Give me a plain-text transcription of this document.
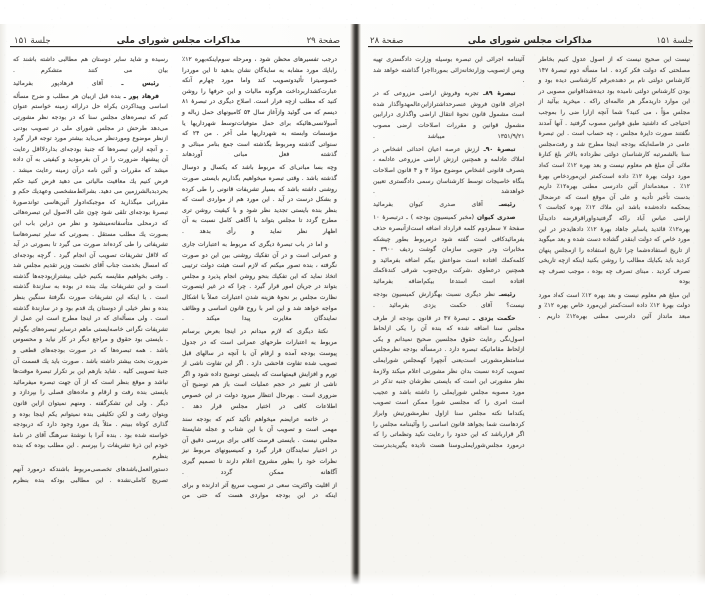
صفحة ۲۹
مذاکرات مجلس شورای ملی
جلسة ۱۵۱

درجب تفسیرهای محظن شود ، ومرحله سوم‌اینکه‌بهره ۱۲٪ رابایك مورد مشابه به سایهٔ‌گان نشان بدهید تا این موردرا خصوصیترا تأئیدوتصویب کند واما مورد چهارم آنکه عبارت‌کشداربرداخت هرگونه مالیات و این حرفها را روشن کنید که مطلب ازچه فرار است. اصلاح دیگری در تبصرهٔ ۸۱ دیسم که می گوئید وازآغاز سال ۵۴ کامیونهای حمل زباله و آمبولانسی‌هائیکه برای حمل متوفیات‌توسط شهرداریها یا مؤسسات وابسته به شهرداریها ملی آخر . من ۲۴ که سنواتی گذشته ومربوط بگذشته است جمع بنامر مبنائی و گذشته فعل مبانی آوردهاند

وچه بسا مبانی‌ای که مربوط باشد که یكسال و دوسال گذشته باشد . وقتی تبصره میخواهیم بگذاریم بایستی صورت روشنی داشته باشد که بسیار تشریفات قانونی را طی کرده و بشکل درست در آید . این مورد هم از مواردی است که بنظر بنده بایستی تجدید نظر شود و با کیفیت روشن تری مطرح گردد تا مجلس بتواند با آگاهی کامل نسبت به آن اظهار نظر نماید و رأی بدهد .

و اما در باب تبصرهٔ دیگری که مربوط به اعتبارات جاری و عمرانی است و در آن تفکیك روشنی بین این دو صورت نگرفته ، بنده تصور میکنم که لازم است هیئت دولت ترتیبی اتخاذ نماید که این تفکیك بنحو روشن انجام پذیرد و مجلس بتواند در جریان امور قرار گیرد . چرا که در غیر اینصورت نظارت مجلس بر نحوهٔ هزینه شدن اعتبارات عملاً با اشکال مواجه خواهد شد و این امر با روح قانون اساسی و وظائف نمایندگان مغایرت پیدا میکند .

نکتهٔ دیگری که لازم میدانم در اینجا بعرض برسانم مربوط به اعتبارات طرحهای عمرانی است که در جدول پیوست بودجه آمده و ارقام آن با آنچه در سالهای قبل تصویب شده تفاوت فاحشی دارد . اگر این تفاوت ناشی از تورم و افزایش قیمتهاست که بایستی توضیح داده شود و اگر ناشی از تغییر در حجم عملیات است باز هم توضیح آن ضروری است . بهرحال انتظار میرود دولت در این خصوص اطلاعات کافی در اختیار مجلس قرار دهد .

در خاتمه عرایضم میخواهم تأکید کنم که بودجه سند مهمی است و تصویب آن با این شتاب و عجله شایستهٔ مجلس نیست . بایستی فرصت کافی برای بررسی دقیق آن در اختیار نمایندگان قرار گیرد و کمیسیونهای مربوط نیز نظرات خود را بطور مشروح اعلام دارند تا تصمیم گیری آگاهانه ممکن گردد .

از اقلیت واکثریت سعی در تصویب سریع آثر ادارنده و برای اینکه در این بودجه مواردی هست که حتی من

رسیده و شاید سایر دوستان هم مطالبی داشته باشند که بیان می کنند متشکرم .

رئیس ـ آقای فرهادپور بفرمائید

فرهاد پور ـ بنده قبل ازبیان هر مطلب و ضرح مسأله اساسی وپیداکردن یکراه حل درارائه زمینه خواستم عنوان کنم که تبصره‌های مجلس سنا که در بودجه نظر مشورتی می‌دهد طرحش در مجلس شورای ملی در تصویب بودنی ازنظر موضوع وموردنظر می‌باید بیشتر مورد توجه قرار گیرد . و آنچه ازاین تبصره‌ها که جنبهٔ بودجه‌ای بداردلااقل رعایت آن پیشنهاد ضرورت را در آن بفرمودید و کیفیتی به آن داده میشد که مقررات و آئین نامه درآن زمینه رعایت میشد . فرض کنیم یك معافیت مالیاتی می دهید فرض کنید حکم بحردبدبا‌لشرزمین می دهید. بشرائط‌مشخصی وعهدیك حکم و مقرراتی میگذارید که موجبکه‌ادوار آئین‌هاسی تواندصورة تبصرهٔ بودجه‌ای تلقی شود چون علی الاصول این تبصره‌ها‌ئی که درمحلی متأسفانه‌مینشود و نظر من دراین باب این بصورت یك مطلب مستقل . بصورتی که سایر تبصره‌هاسا تشریفاتی را طی کرده‌اند صورت می گیرد تا بصورتی در آید که لااقل تشریفات تصویب آن انجام گیرد . گرچه بودجه‌ای که امسال بخدمت جناب آقای نخست وزیر تقدیم مجلس شد . وقتی بخواهیم مقایسه بکنیم خیلی بیشترازبودجه‌ها گذشته است و این تشریفات بیك بنده در بوده به سازندهٔ گذشته است . با اینکه این تشریفات صورت نگرفتهٔ سنگین بنظر بنده و نظر خیلی از دوستان یك قدم بود و در سازندهٔ گذشته است . ولی مسأله‌ای که در اینجا مطرح است این عمل از تشریفات نگرانی خاصه‌ایستی ماهم درسایر تبصره‌های بگوئیم . بایستی بود حقوق و مراجع دیگر در کار نیاید و محسوس باشد . همه تبصره‌ها که در صورت بودجه‌های قطعی و ضرورت بحث بیشتر داشته باشد . صورت باید یك قسمت آن جنبهٔ تصویبی کلیه . شاید بازهم این بر تکرار تبصرهٔ موقت‌ها نباشد و موقع بنظر است که از آن جهت تبصره میفرمائید بایستی بنده رفت و ارقام و ماده‌های فصلی را بپردازد و دیگر . ولی این تشکرگفته . ومنهم نمیتوان ازاین قانون وبتوان رفت و لکن تکلیفی بنده نمیتوانم یكم اینجا بوده و گذاری کوتاه ببینم . مثلاً یك مورد وجود دارد که دربودجه خواسته شده بود . بنده آنرا با نوشتهٔ سرهنگ آقای در نامهٔ خودم این ذرهٔ تشریفات را بپرسم . این مطلب بوده که بنده بنظرم

دستورالعمل‌باشد‌های تخصصی‌مربوط باشندکه درمورد آنهم تصریح کاملی‌نشده . این مطالبی بودکه بنده بنظرم

جلسة ۱۵۱
مذاکرات مجلس شورای ملی
صفحة ۲۸

نیست این صحیح نیست که از اصول عدول کنیم بخاطر مصلحتی که دولت فکر کرده . اما مسأله دوم تبصرهٔ ۱۴۷ کارشناس دولتی نام بر دهنده‌برقم کارشناسی دیده بود و بودن کارشناس دولتی نامیده بود دیده‌شداقوانین مصوبی در این موارد داریدمگر هر عالمه‌ای راکه . میخرید بیآئید از مجلس مؤاً ، می کنید؟ شما آنچه ازارا ضی را بموجب احتیاجی که داشتید طبق قوانین مصوب گرفتید . آنها آمدند نگفتند صورت دایرهٔ مجلس ، چه حساب است . این تبصرهٔ عامی در فاصله‌ایکه بودجه اینجا مطرح شد و رفت‌مجلس سنا بالشمرتبه کارشناسان دولتی نظرداده بالاتر بلغ کنارهٔ ملاثی آن مبلغ هم معلوم نیست و بعد بهره ۱۲٪ است که‌اد مورد دولت بهرهٔ ۱۲٪ داده است‌کمتر این‌موردخاص بهرهٔ ۱۲٪ . مبعدمانداز آئین دادرسی مطنی بهره‌۱۲٪ داریم بدست تأخیر تأدیه و علی آن موقع است که عرضحال بمحکمه داده‌شده باشد این ملاك ۱۲٪ بهره کجاست ؟ اراضی عباس آباد راکه گرفتیدواوراقرقرضه دادیدآیا بهره۱۲٪ قائدید یاسایر جاهاد بهرهٔ ۱۲٪ دادهایدجز در این مورد خاص که دولت ابنقدر گشاده دست شده و بعد میگوید از تاریخ استفاده‌شما چرا تاریخ استفاده را ازمجلس پنهان کردید باید بکبایك مطالب را روشن بکنید اینکه ازچه تاریخی تصرف کردید . مبنای تصرف چه بوده ، موجب تصرف چه بوده

این مبلغ هم معلوم نیست و بعد بهره ۱۲٪ است که‌اد مورد دولت بهرهٔ ۱۲٪ داده است‌کمتر این‌مورد خاص بهره ۱۲٪ و مبعد مانداز آئین دادرسی مطنی بهره۱۲٪ داریم .

آئیننامه اجرائی این تبصره بوسیله وزارت دادگستری تهیه وپس ازتصویب وزارتخانه‌زائی بموردااجرا گذاشته خواهد شد .

تبصرهٔ ۸۹ـ تجربه وفروش اراضی مزروعی که در اجرای قانون فروش عنصرحداشترازاین‌عالمهدواگذار شده است مشمول قانون نحوهٔ انتقال اراضی واگذاری درارا‌بین مشمول قوانین و مقررات اصلاحات ارضی مصوب ۱۳۵۱/۹/۲۱ میباشد .

تبصرهٔ ۹۰ـ ارزش عرصه اعیان احداثی اشخاص در املاك عادلمه و همچنین ارزش اراضی مزروعی عادلمه ، بتصرف قانونی اشخاص موضوع موادٔ ۳ و ۴ قانون اصلاحات بنگاه خاصیجات توسط کارشناسان رسمی دادگستری تعیین خواهدشد .

رئیسـ آقای صدری کیوان بفرمائید

صدری کیوان (مخبر کمیسیون بودجه ) ـ درتبصرهٔ ۱۰ صفحهٔ ۷ سطردوم کلمه قرارداد اضافه است‌ازآنبصره حذف بفرمائید‌کافی است گفته شود درمربوط بطور چیشکه مخابرات ودر جنوبی سازمان گوشت ردیف ۳۹۰۰ ـ کلمه‌کمك افتاده است ضواعش بیکم اضافه بفرمائید و همچنین درعطوی ،شرکت برق‌جنوب شرقی کندهٔ‌کمك افتاده است استدعا بیکم‌اضافه بفرمائید

رئیسـ نظر دیگری نسبت بهگزارش کمیسیون بودجه نیست؟ آقای حکمت یزدی بفرمائید .

حکمت یزدی ـ تبصرهٔ ۴۷ در قانون بودجه از طرف مجلس سنا اضافه شده که بنده آن را یکی ازلحاظ اصول‌نگی رعایت حقوق مجلسین صحیح نمیدانم و یکی ازلحاظ مقامانیکه تبصره دارد . درمسأله بودجه نظرمجلس سنامتظرمشورتی است‌یعنی آنچهرا کهمجلس شورایملی تصویب کرده نسبت بدان نظر مشورتی اعلام میکند ولازمهٔ نظر مشورتی این است که بایستی نظرشان جنبه تذکر در مورد مصوبه مجلس شورایملی را داشته باشد و عجیب است امری را که مجلسی شورا ممکن است تصویب یکنداما نکته مجلس سنا ازاول نظرمشورتیش وابراز کردهاست شما بجواهد قانون اساسی را وآئیننامه مجلس را اگر قرارباشد که این حدود را رعایت نکید وتظماتی را که درمورد مجلس‌شورایملی‌وسنا هست نادیده یگیریدبدرست
